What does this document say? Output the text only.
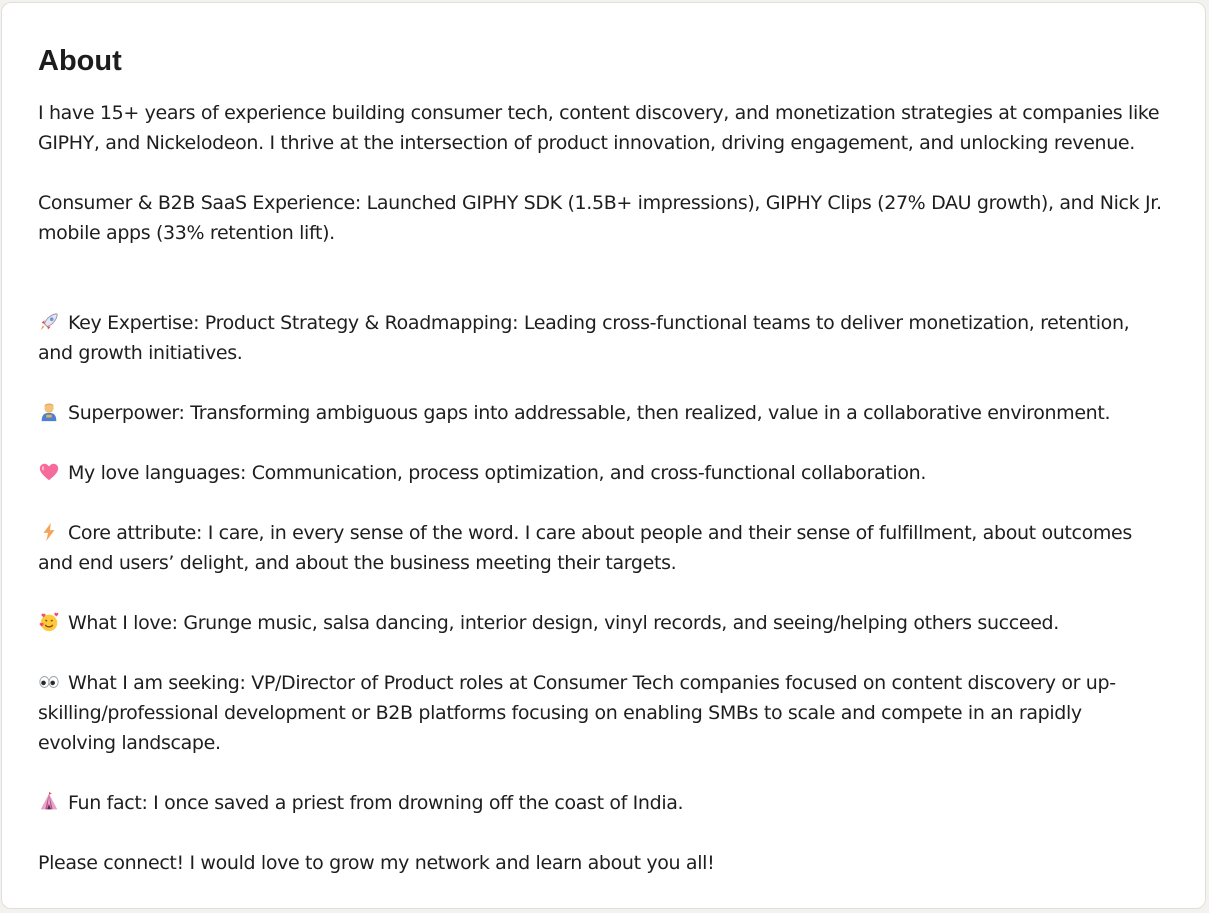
About
I have 15+ years of experience building consumer tech, content discovery, and monetization strategies at companies like
GIPHY, and Nickelodeon. I thrive at the intersection of product innovation, driving engagement, and unlocking revenue.
Consumer & B2B SaaS Experience: Launched GIPHY SDK (1.5B+ impressions), GIPHY Clips (27% DAU growth), and Nick Jr.
mobile apps (33% retention lift).
Key Expertise: Product Strategy & Roadmapping: Leading cross-functional teams to deliver monetization, retention,
and growth initiatives.
Superpower: Transforming ambiguous gaps into addressable, then realized, value in a collaborative environment.
My love languages: Communication, process optimization, and cross-functional collaboration.
Core attribute: I care, in every sense of the word. I care about people and their sense of fulfillment, about outcomes
and end users’ delight, and about the business meeting their targets.
What I love: Grunge music, salsa dancing, interior design, vinyl records, and seeing/helping others succeed.
What I am seeking: VP/Director of Product roles at Consumer Tech companies focused on content discovery or up-
skilling/professional development or B2B platforms focusing on enabling SMBs to scale and compete in an rapidly
evolving landscape.
Fun fact: I once saved a priest from drowning off the coast of India.
Please connect! I would love to grow my network and learn about you all!
